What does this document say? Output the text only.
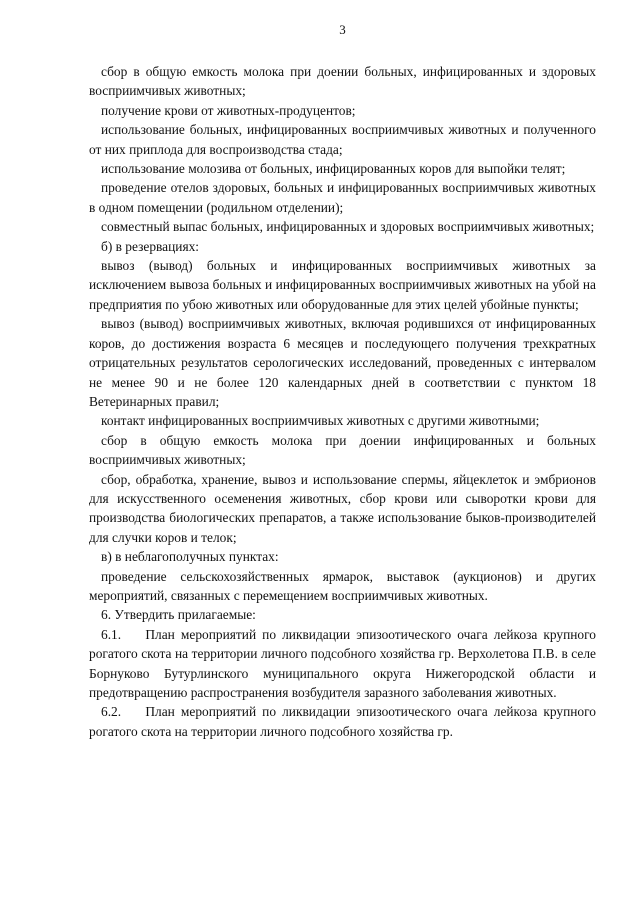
3

сбор в общую емкость молока при доении больных, инфицированных и здоровых восприимчивых животных;

получение крови от животных-продуцентов;

использование больных, инфицированных восприимчивых животных и полученного от них приплода для воспроизводства стада;

использование молозива от больных, инфицированных коров для выпойки телят;

проведение отелов здоровых, больных и инфицированных восприимчивых животных в одном помещении (родильном отделении);

совместный выпас больных, инфицированных и здоровых восприимчивых животных;

б) в резервациях:

вывоз (вывод) больных и инфицированных восприимчивых животных за исключением вывоза больных и инфицированных восприимчивых животных на убой на предприятия по убою животных или оборудованные для этих целей убойные пункты;

вывоз (вывод) восприимчивых животных, включая родившихся от инфицированных коров, до достижения возраста 6 месяцев и последующего получения трехкратных отрицательных результатов серологических исследований, проведенных с интервалом не менее 90 и не более 120 календарных дней в соответствии с пунктом 18 Ветеринарных правил;

контакт инфицированных восприимчивых животных с другими животными;

сбор в общую емкость молока при доении инфицированных и больных восприимчивых животных;

сбор, обработка, хранение, вывоз и использование спермы, яйцеклеток и эмбрионов для искусственного осеменения животных, сбор крови или сыворотки крови для производства биологических препаратов, а также использование быков-производителей для случки коров и телок;

в) в неблагополучных пунктах:

проведение сельскохозяйственных ярмарок, выставок (аукционов) и других мероприятий, связанных с перемещением восприимчивых животных.

6. Утвердить прилагаемые:

6.1.    План мероприятий по ликвидации эпизоотического очага лейкоза крупного рогатого скота на территории личного подсобного хозяйства гр. Верхолетова П.В. в селе Борнуково Бутурлинского муниципального округа Нижегородской области и предотвращению распространения возбудителя заразного заболевания животных.

6.2.    План мероприятий по ликвидации эпизоотического очага лейкоза крупного рогатого скота на территории личного подсобного хозяйства гр.
